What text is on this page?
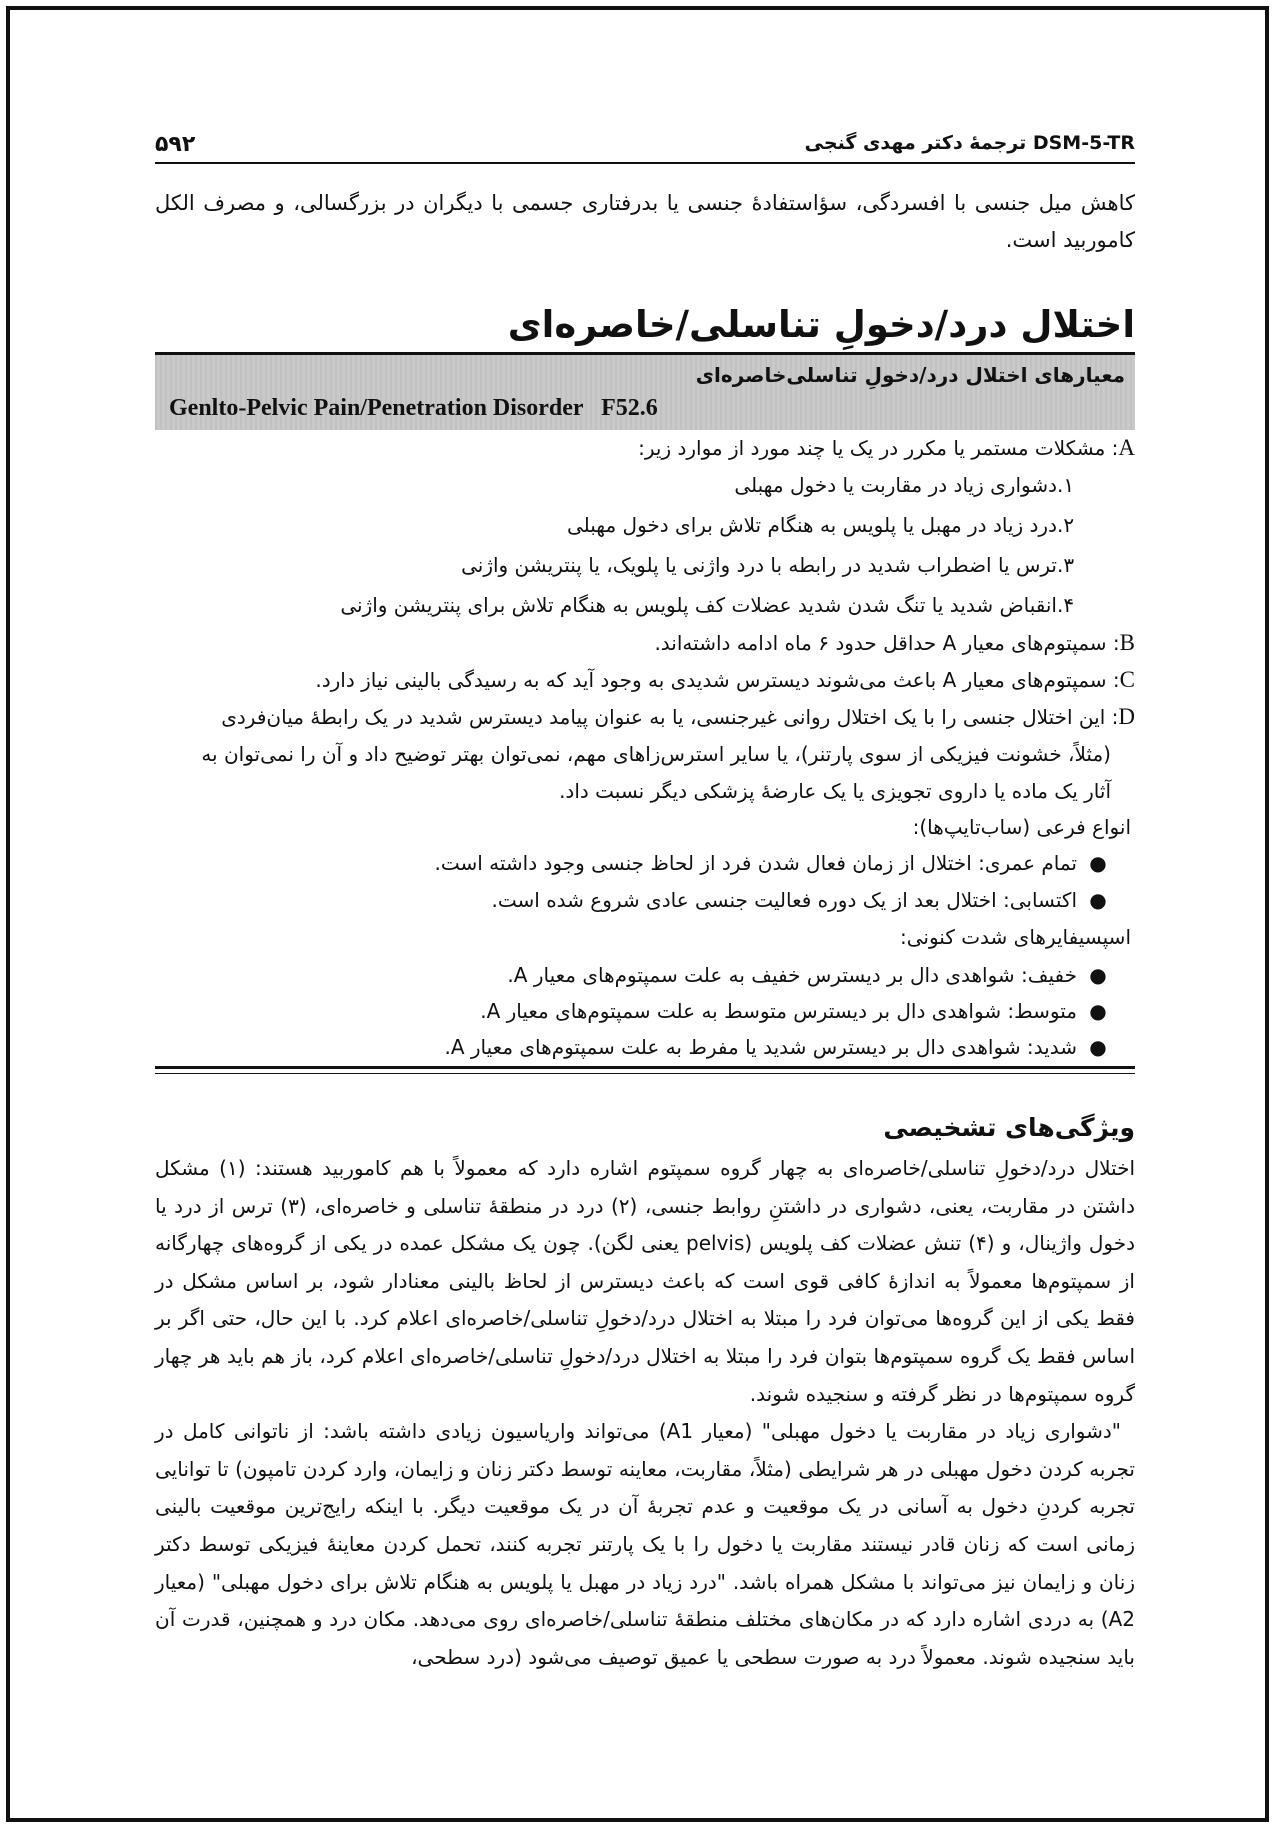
۵۹۲	DSM-5-TR ترجمهٔ دکتر مهدی گنجی
کاهش میل جنسی با افسردگی، سؤاستفادهٔ جنسی یا بدرفتاری جسمی با دیگران در بزرگسالی، و مصرف الکل کاموربید است.
اختلال درد/دخولِ تناسلی/خاصره‌ای
معیارهای اختلال درد/دخولِ تناسلی‌خاصره‌ای
Genlto-Pelvic Pain/Penetration Disorder   F52.6
A: مشکلات مستمر یا مکرر در یک یا چند مورد از موارد زیر:
۱.دشواری زیاد در مقاربت یا دخول مهبلی
۲.درد زیاد در مهبل یا پلویس به هنگام تلاش برای دخول مهبلی
۳.ترس یا اضطراب شدید در رابطه با درد واژنی یا پلویک، یا پنتریشن واژنی
۴.انقباض شدید یا تنگ شدن شدید عضلات کف پلویس به هنگام تلاش برای پنتریشن واژنی
B: سمپتوم‌های معیار A حداقل حدود ۶ ماه ادامه داشته‌اند.
C: سمپتوم‌های معیار A باعث می‌شوند دیسترس شدیدی به وجود آید که به رسیدگی بالینی نیاز دارد.
D: این اختلال جنسی را با یک اختلال روانی غیرجنسی، یا به عنوان پیامد دیسترس شدید در یک رابطهٔ میان‌فردی
(مثلاً، خشونت فیزیکی از سوی پارتنر)، یا سایر استرس‌زاهای مهم، نمی‌توان بهتر توضیح داد و آن را نمی‌توان به
آثار یک ماده یا داروی تجویزی یا یک عارضهٔ پزشکی دیگر نسبت داد.
انواع فرعی (ساب‌تایپ‌ها):
●تمام عمری: اختلال از زمان فعال شدن فرد از لحاظ جنسی وجود داشته است.
●اکتسابی: اختلال بعد از یک دوره فعالیت جنسی عادی شروع شده است.
اسپسیفایرهای شدت کنونی:
●خفیف: شواهدی دال بر دیسترس خفیف به علت سمپتوم‌های معیار A.
●متوسط: شواهدی دال بر دیسترس متوسط به علت سمپتوم‌های معیار A.
●شدید: شواهدی دال بر دیسترس شدید یا مفرط به علت سمپتوم‌های معیار A.
ویژگی‌های تشخیصی

اختلال درد/دخولِ تناسلی/خاصره‌ای به چهار گروه سمپتوم اشاره دارد که معمولاً با هم کاموربید هستند: (۱) مشکل داشتن در مقاربت، یعنی، دشواری در داشتنِ روابط جنسی، (۲) درد در منطقهٔ تناسلی و خاصره‌ای، (۳) ترس از درد یا دخول واژینال، و (۴) تنش عضلات کف پلویس (pelvis یعنی لگن). چون یک مشکل عمده در یکی از گروه‌های چهارگانه از سمپتوم‌ها معمولاً به اندازهٔ کافی قوی است که باعث دیسترس از لحاظ بالینی معنادار شود، بر اساس مشکل در فقط یکی از این گروه‌ها می‌توان فرد را مبتلا به اختلال درد/دخولِ تناسلی/خاصره‌ای اعلام کرد. با این حال، حتی اگر بر اساس فقط یک گروه سمپتوم‌ها بتوان فرد را مبتلا به اختلال درد/دخولِ تناسلی/خاصره‌ای اعلام کرد، باز هم باید هر چهار گروه سمپتوم‌ها در نظر گرفته و سنجیده شوند.

"دشواری زیاد در مقاربت یا دخول مهبلی" (معیار A1) می‌تواند واریاسیون زیادی داشته باشد: از ناتوانی کامل در تجربه کردن دخول مهبلی در هر شرایطی (مثلاً، مقاربت، معاینه توسط دکتر زنان و زایمان، وارد کردن تامپون) تا توانایی تجربه کردنِ دخول به آسانی در یک موقعیت و عدم تجربهٔ آن در یک موقعیت دیگر. با اینکه رایج‌ترین موقعیت بالینی زمانی است که زنان قادر نیستند مقاربت یا دخول را با یک پارتنر تجربه کنند، تحمل کردن معاینهٔ فیزیکی توسط دکتر زنان و زایمان نیز می‌تواند با مشکل همراه باشد. "درد زیاد در مهبل یا پلویس به هنگام تلاش برای دخول مهبلی" (معیار A2) به دردی اشاره دارد که در مکان‌های مختلف منطقهٔ تناسلی/خاصره‌ای روی می‌دهد. مکان درد و همچنین، قدرت آن باید سنجیده شوند. معمولاً درد به صورت سطحی یا عمیق توصیف می‌شود (درد سطحی،
